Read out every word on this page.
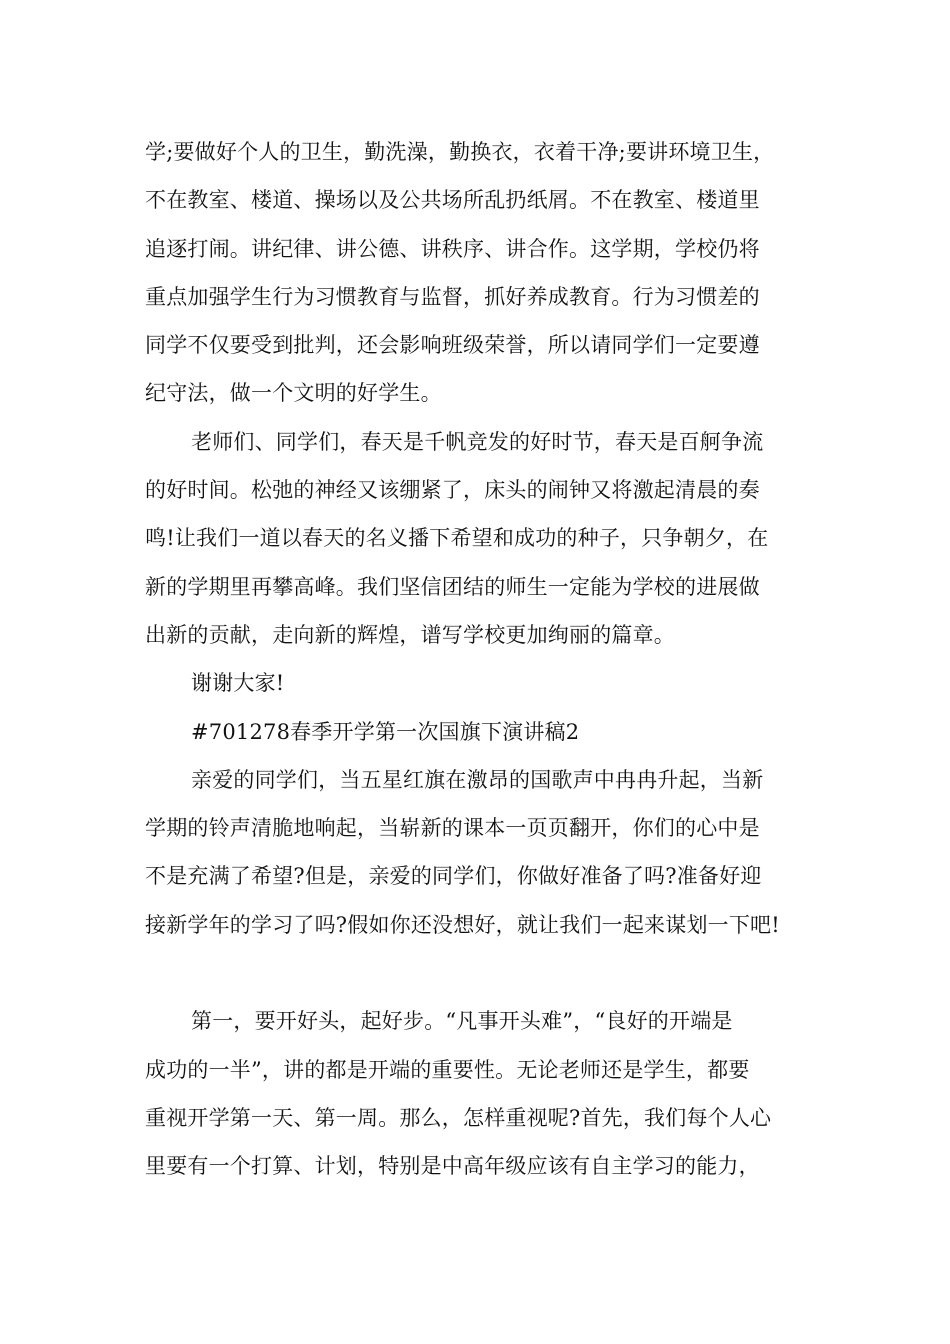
学;要做好个人的卫生，勤洗澡，勤换衣，衣着干净;要讲环境卫生，
不在教室、楼道、操场以及公共场所乱扔纸屑。不在教室、楼道里
追逐打闹。讲纪律、讲公德、讲秩序、讲合作。这学期，学校仍将
重点加强学生行为习惯教育与监督，抓好养成教育。行为习惯差的
同学不仅要受到批判，还会影响班级荣誉，所以请同学们一定要遵
纪守法，做一个文明的好学生。
老师们、同学们，春天是千帆竞发的好时节，春天是百舸争流
的好时间。松弛的神经又该绷紧了，床头的闹钟又将激起清晨的奏
鸣!让我们一道以春天的名义播下希望和成功的种子，只争朝夕，在
新的学期里再攀高峰。我们坚信团结的师生一定能为学校的进展做
出新的贡献，走向新的辉煌，谱写学校更加绚丽的篇章。
谢谢大家!
#701278春季开学第一次国旗下演讲稿2
亲爱的同学们，当五星红旗在激昂的国歌声中冉冉升起，当新
学期的铃声清脆地响起，当崭新的课本一页页翻开，你们的心中是
不是充满了希望?但是，亲爱的同学们，你做好准备了吗?准备好迎
接新学年的学习了吗?假如你还没想好，就让我们一起来谋划一下吧!
第一，要开好头，起好步。“凡事开头难”，“良好的开端是
成功的一半”，讲的都是开端的重要性。无论老师还是学生，都要
重视开学第一天、第一周。那么，怎样重视呢?首先，我们每个人心
里要有一个打算、计划，特别是中高年级应该有自主学习的能力，
